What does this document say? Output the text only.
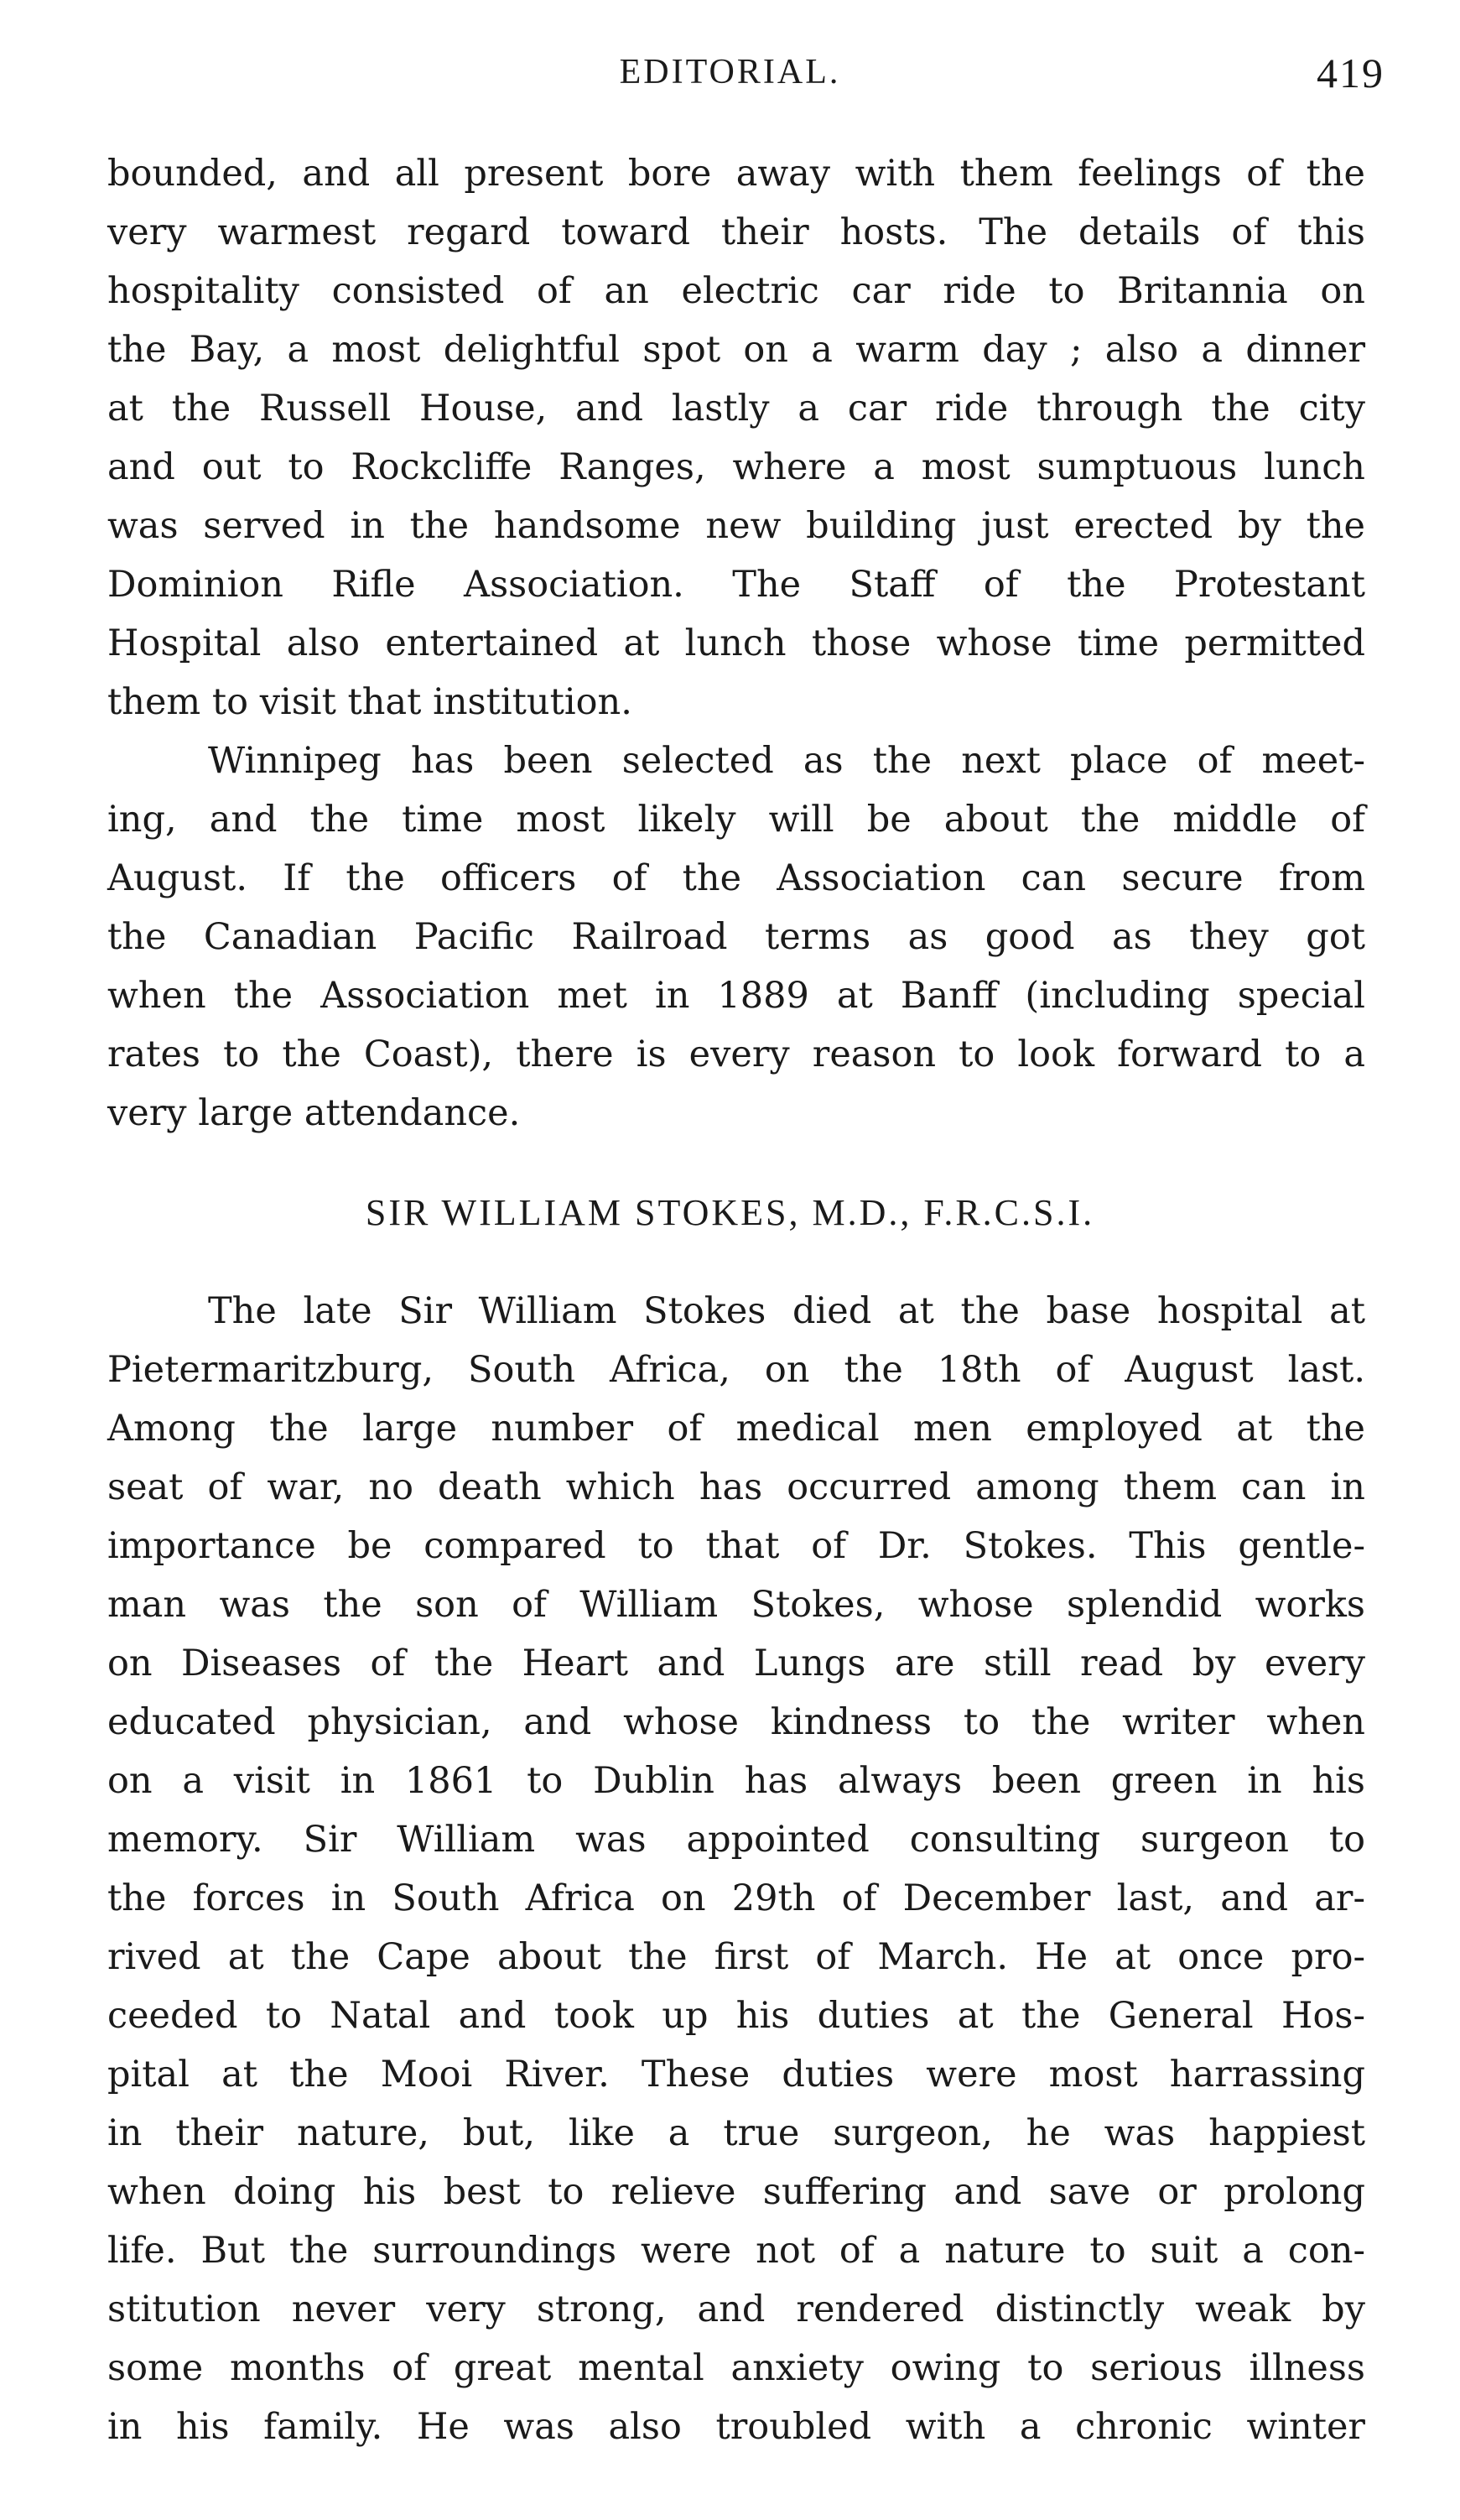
EDITORIAL.	419
bounded, and all present bore away with them feelings of the
very warmest regard toward their hosts. The details of this
hospitality consisted of an electric car ride to Britannia on
the Bay, a most delightful spot on a warm day ; also a dinner
at the Russell House, and lastly a car ride through the city
and out to Rockcliffe Ranges, where a most sumptuous lunch
was served in the handsome new building just erected by the
Dominion Rifle Association. The Staff of the Protestant
Hospital also entertained at lunch those whose time permitted
them to visit that institution.
Winnipeg has been selected as the next place of meet-
ing, and the time most likely will be about the middle of
August. If the officers of the Association can secure from
the Canadian Pacific Railroad terms as good as they got
when the Association met in 1889 at Banff (including special
rates to the Coast), there is every reason to look forward to a
very large attendance.
SIR WILLIAM STOKES, M.D., F.R.C.S.I.
The late Sir William Stokes died at the base hospital at
Pietermaritzburg, South Africa, on the 18th of August last.
Among the large number of medical men employed at the
seat of war, no death which has occurred among them can in
importance be compared to that of Dr. Stokes. This gentle-
man was the son of William Stokes, whose splendid works
on Diseases of the Heart and Lungs are still read by every
educated physician, and whose kindness to the writer when
on a visit in 1861 to Dublin has always been green in his
memory. Sir William was appointed consulting surgeon to
the forces in South Africa on 29th of December last, and ar-
rived at the Cape about the first of March. He at once pro-
ceeded to Natal and took up his duties at the General Hos-
pital at the Mooi River. These duties were most harrassing
in their nature, but, like a true surgeon, he was happiest
when doing his best to relieve suffering and save or prolong
life. But the surroundings were not of a nature to suit a con-
stitution never very strong, and rendered distinctly weak by
some months of great mental anxiety owing to serious illness
in his family. He was also troubled with a chronic winter
